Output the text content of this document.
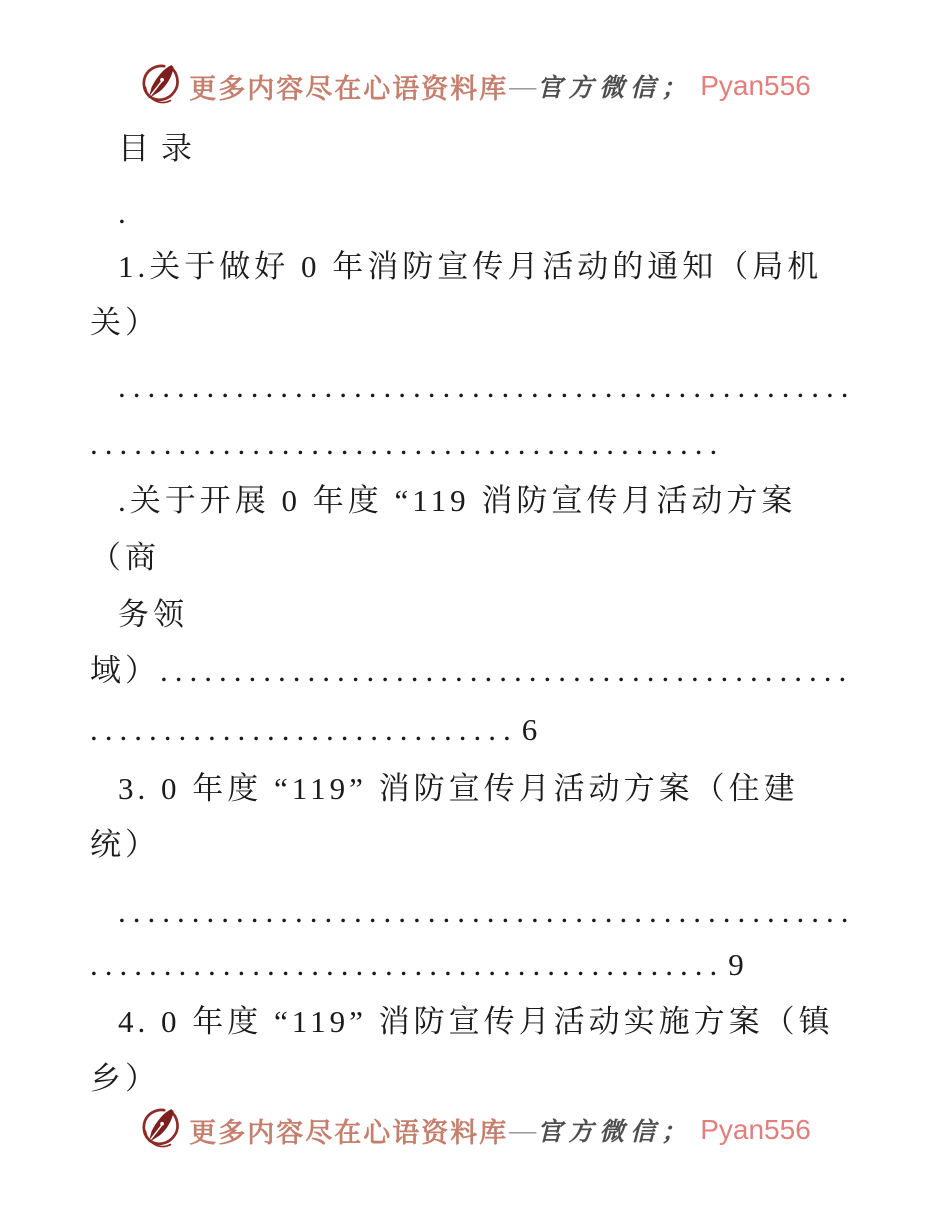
更多内容尽在心语资料库 — 官方微信； Pyan556
目录
.
1.关于做好 0 年消防宣传月活动的通知（局机
关）
..................................................
...........................................
.关于开展 0 年度 “119 消防宣传月活动方案
（商
务领
域）...............................................
............................. 6
3. 0 年度 “119” 消防宣传月活动方案（住建
统）
..................................................
........................................... 9
4. 0 年度 “119” 消防宣传月活动实施方案（镇
乡）
更多内容尽在心语资料库 — 官方微信； Pyan556
